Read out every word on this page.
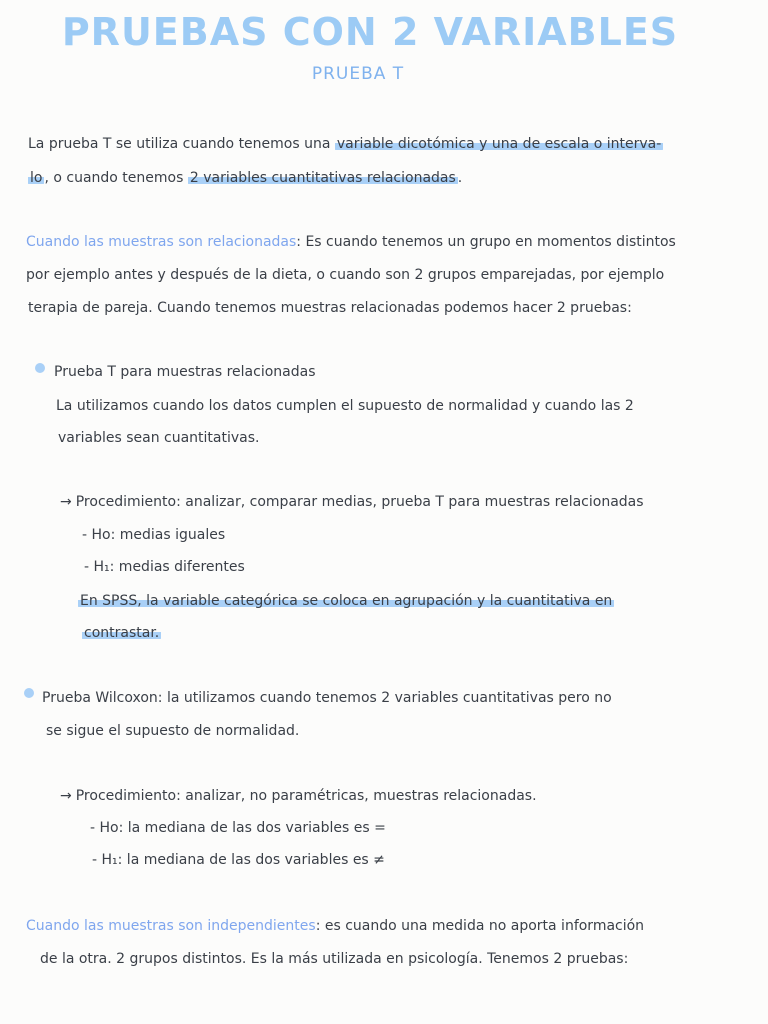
PRUEBAS CON 2 VARIABLES
PRUEBA T
La prueba T se utiliza cuando tenemos una variable dicotómica y una de escala o interva-
lo , o cuando tenemos 2 variables cuantitativas relacionadas .
Cuando las muestras son relacionadas: Es cuando tenemos un grupo en momentos distintos
por ejemplo antes y después de la dieta, o cuando son 2 grupos emparejadas, por ejemplo
terapia de pareja. Cuando tenemos muestras relacionadas podemos hacer 2 pruebas:
Prueba T para muestras relacionadas
La utilizamos cuando los datos cumplen el supuesto de normalidad y cuando las 2
variables sean cuantitativas.
→ Procedimiento: analizar, comparar medias, prueba T para muestras relacionadas
- Ho: medias iguales
- H₁: medias diferentes
En SPSS, la variable categórica se coloca en agrupación y la cuantitativa en
contrastar.
Prueba Wilcoxon: la utilizamos cuando tenemos 2 variables cuantitativas pero no
se sigue el supuesto de normalidad.
→ Procedimiento: analizar, no paramétricas, muestras relacionadas.
- Ho: la mediana de las dos variables es =
- H₁: la mediana de las dos variables es ≠
Cuando las muestras son independientes: es cuando una medida no aporta información
de la otra. 2 grupos distintos. Es la más utilizada en psicología. Tenemos 2 pruebas:
